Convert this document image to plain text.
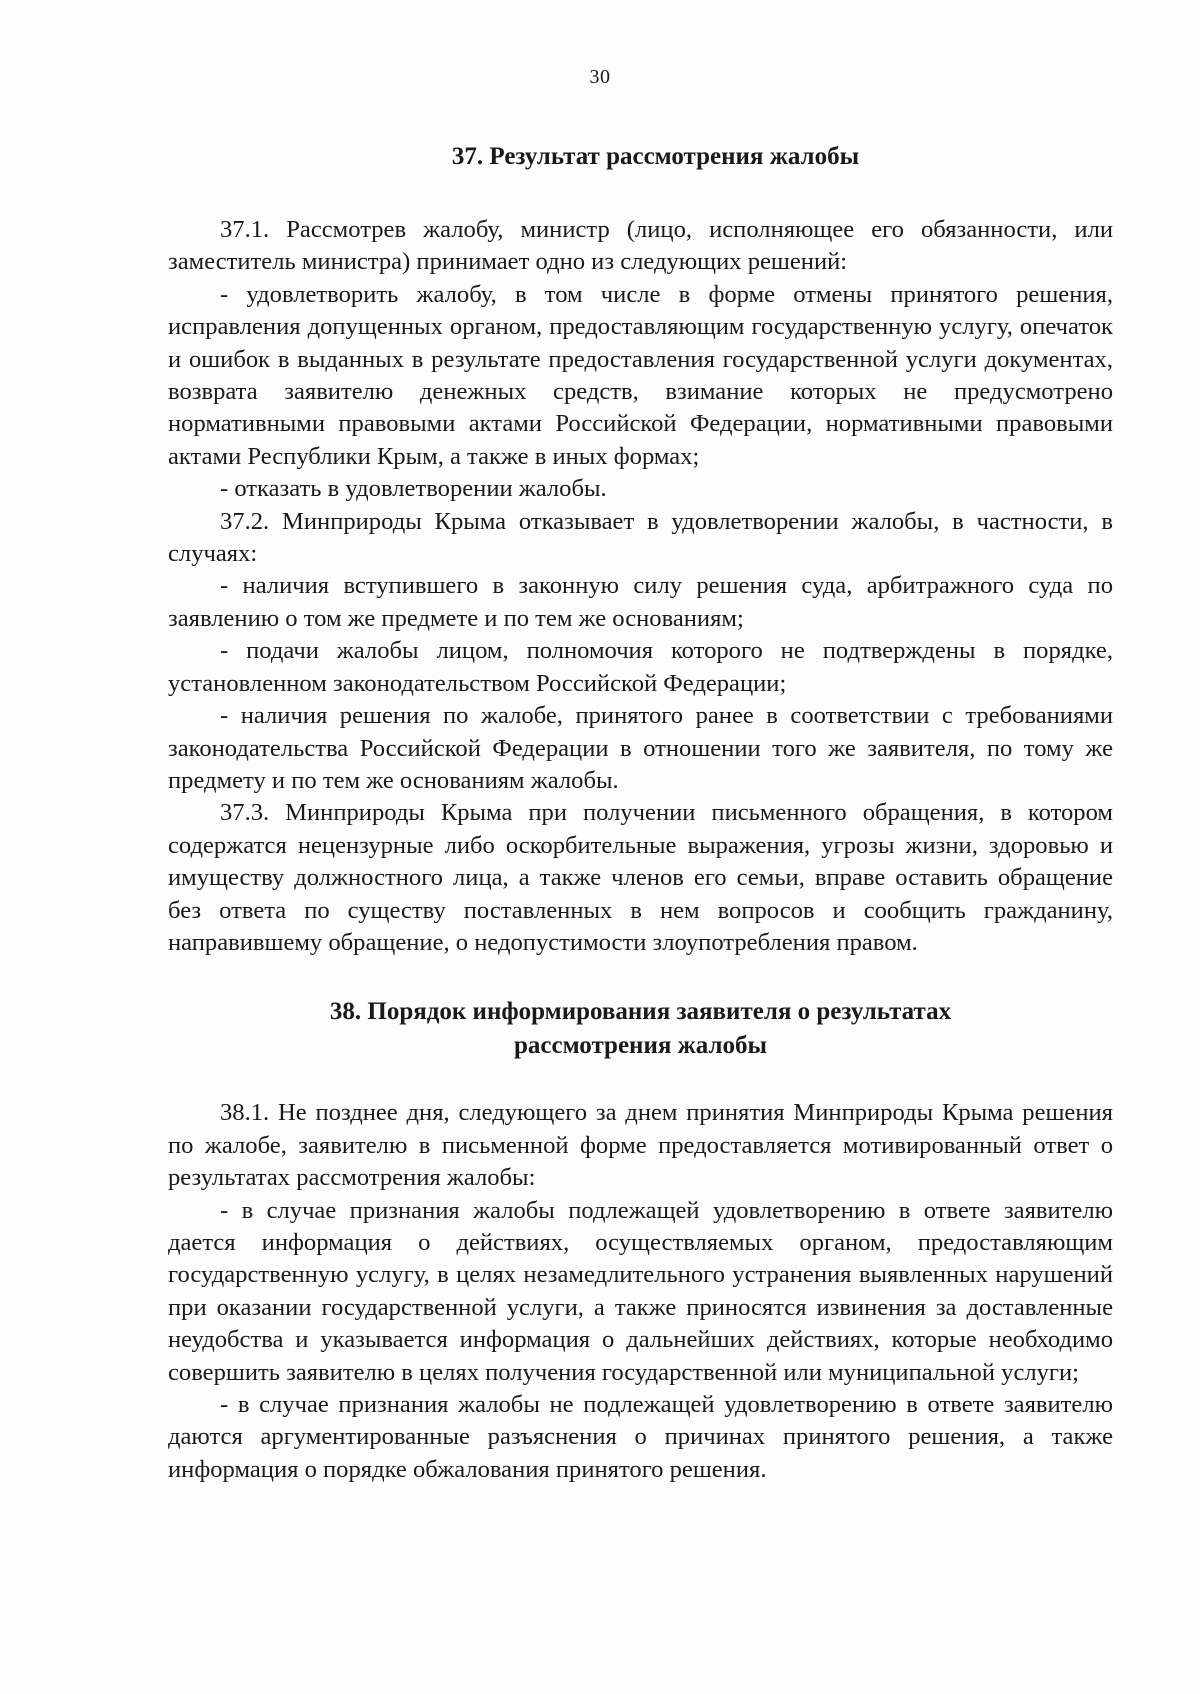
30
37. Результат рассмотрения жалобы

37.1. Рассмотрев жалобу, министр (лицо, исполняющее его обязанности, или заместитель министра) принимает одно из следующих решений:

- удовлетворить жалобу, в том числе в форме отмены принятого решения, исправления допущенных органом, предоставляющим государственную услугу, опечаток и ошибок в выданных в результате предоставления государственной услуги документах, возврата заявителю денежных средств, взимание которых не предусмотрено нормативными правовыми актами Российской Федерации, нормативными правовыми актами Республики Крым, а также в иных формах;

- отказать в удовлетворении жалобы.

37.2. Минприроды Крыма отказывает в удовлетворении жалобы, в частности, в случаях:

- наличия вступившего в законную силу решения суда, арбитражного суда по заявлению о том же предмете и по тем же основаниям;

- подачи жалобы лицом, полномочия которого не подтверждены в порядке, установленном законодательством Российской Федерации;

- наличия решения по жалобе, принятого ранее в соответствии с требованиями законодательства Российской Федерации в отношении того же заявителя, по тому же предмету и по тем же основаниям жалобы.

37.3. Минприроды Крыма при получении письменного обращения, в котором содержатся нецензурные либо оскорбительные выражения, угрозы жизни, здоровью и имуществу должностного лица, а также членов его семьи, вправе оставить обращение без ответа по существу поставленных в нем вопросов и сообщить гражданину, направившему обращение, о недопустимости злоупотребления правом.

38. Порядок информирования заявителя о результатах
рассмотрения жалобы

38.1. Не позднее дня, следующего за днем принятия Минприроды Крыма решения по жалобе, заявителю в письменной форме предоставляется мотивированный ответ о результатах рассмотрения жалобы:

- в случае признания жалобы подлежащей удовлетворению в ответе заявителю дается информация о действиях, осуществляемых органом, предоставляющим государственную услугу, в целях незамедлительного устранения выявленных нарушений при оказании государственной услуги, а также приносятся извинения за доставленные неудобства и указывается информация о дальнейших действиях, которые необходимо совершить заявителю в целях получения государственной или муниципальной услуги;

- в случае признания жалобы не подлежащей удовлетворению в ответе заявителю даются аргументированные разъяснения о причинах принятого решения, а также информация о порядке обжалования принятого решения.
